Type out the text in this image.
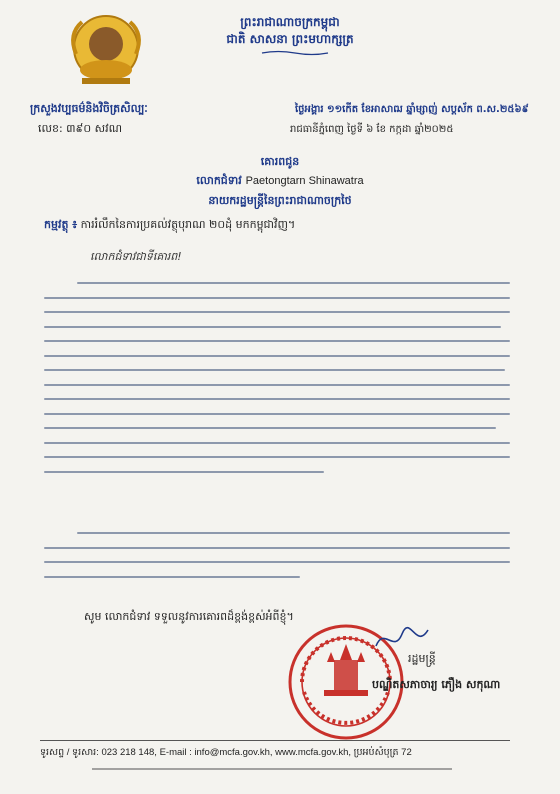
ព្រះរាជាណាចក្រកម្ពុជា
ជាតិ សាសនា ព្រះមហាក្សត្រ
ក្រសួងវប្បធម៌និងវិចិត្រសិល្បៈ
លេខ: ៣៩០ សវណ
ថ្ងៃអង្គារ ១១កើត ខែអាសាឍ ឆ្នាំម្សាញ់ សប្តស័ក ព.ស.២៥៦៩
រាជធានីភ្នំពេញ ថ្ងៃទី ៦ ខែ កក្កដា ឆ្នាំ២០២៥
គោរពជូន
លោកជំទាវ Paetongtarn Shinawatra
នាយករដ្ឋមន្ត្រីនៃព្រះរាជាណាចក្រថៃ
កម្មវត្ថុ ៖ ការរំលឹកនៃការប្រគល់វត្ថុបុរាណ ២០ដុំ មកកម្ពុជាវិញ។
លោកជំទាវជាទីគោរព!
សូម លោកជំទាវ ទទួលនូវការគោរពដ៏ខ្ពង់ខ្ពស់អំពីខ្ញុំ។
រដ្ឋមន្ត្រី
បណ្ឌិតសភាចារ្យ ភឿង សកុណា
ទូរសព្ទ / ទូរសារ: 023 218 148, E-mail : info@mcfa.gov.kh, www.mcfa.gov.kh, ប្រអប់សំបុត្រ 72
